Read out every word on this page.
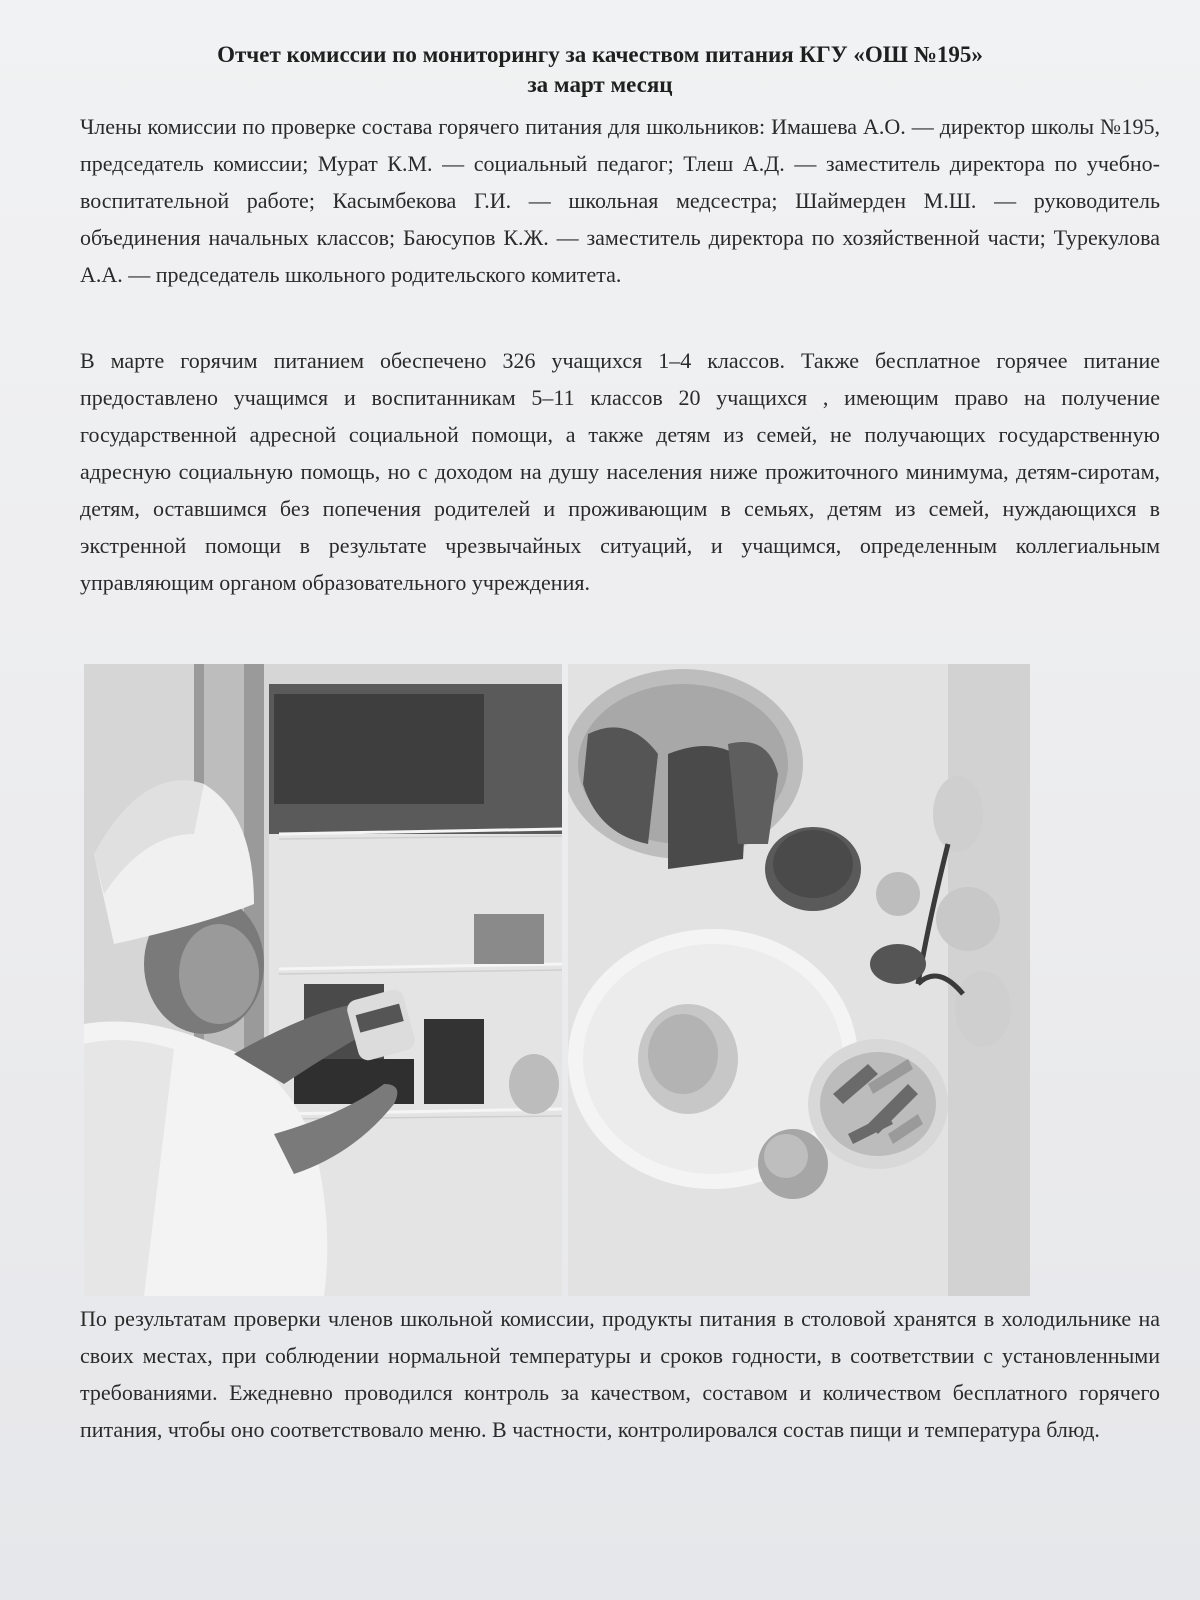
Отчет комиссии по мониторингу за качеством питания КГУ «ОШ №195»
за март месяц

Члены комиссии по проверке состава горячего питания для школьников: Имашева А.О. — директор школы №195, председатель комиссии; Мурат К.М. — социальный педагог; Тлеш А.Д. — заместитель директора по учебно-воспитательной работе; Касымбекова Г.И. — школьная медсестра; Шаймерден М.Ш. — руководитель объединения начальных классов; Баюсупов К.Ж. — заместитель директора по хозяйственной части; Турекулова А.А. — председатель школьного родительского комитета.

В марте горячим питанием обеспечено 326 учащихся 1–4 классов. Также бесплатное горячее питание предоставлено учащимся и воспитанникам 5–11 классов 20 учащихся , имеющим право на получение государственной адресной социальной помощи, а также детям из семей, не получающих государственную адресную социальную помощь, но с доходом на душу населения ниже прожиточного минимума, детям-сиротам, детям, оставшимся без попечения родителей и проживающим в семьях, детям из семей, нуждающихся в экстренной помощи в результате чрезвычайных ситуаций, и учащимся, определенным коллегиальным управляющим органом образовательного учреждения.

По результатам проверки членов школьной комиссии, продукты питания в столовой хранятся в холодильнике на своих местах, при соблюдении нормальной температуры и сроков годности, в соответствии с установленными требованиями. Ежедневно проводился контроль за качеством, составом и количеством бесплатного горячего питания, чтобы оно соответствовало меню. В частности, контролировался состав пищи и температура блюд.
